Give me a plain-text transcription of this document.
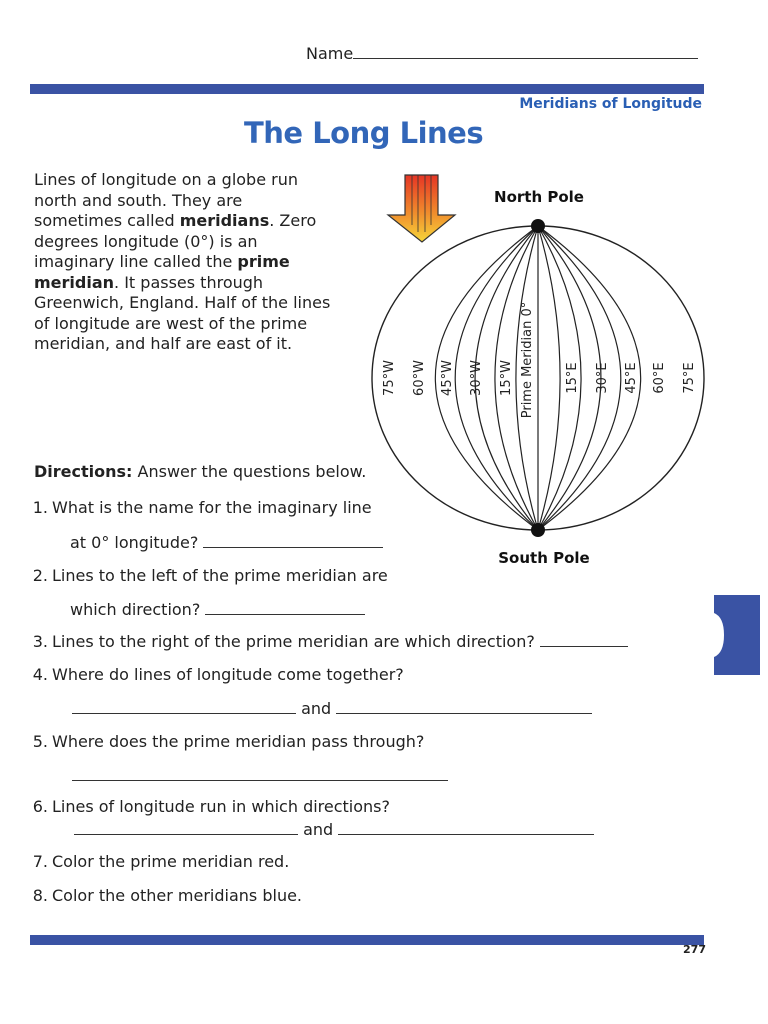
Name
Meridians of Longitude
The Long Lines

Lines of longitude on a globe run north and south. They are sometimes called meridians. Zero degrees longitude (0°) is an imaginary line called the prime meridian. It passes through Greenwich, England. Half of the lines of longitude are west of the prime meridian, and half are east of it.

North Pole
South Pole
75°W 60°W 45°W 30°W 15°W	15°E 30°E 45°E 60°E 75°E
Prime Meridian 0°
Directions: Answer the questions below.
1. What is the name for the imaginary line
at 0° longitude?
2. Lines to the left of the prime meridian are
which direction?
3. Lines to the right of the prime meridian are which direction?
4. Where do lines of longitude come together?
and
5. Where does the prime meridian pass through?
6. Lines of longitude run in which directions?
and
7. Color the prime meridian red.
8. Color the other meridians blue.
277
